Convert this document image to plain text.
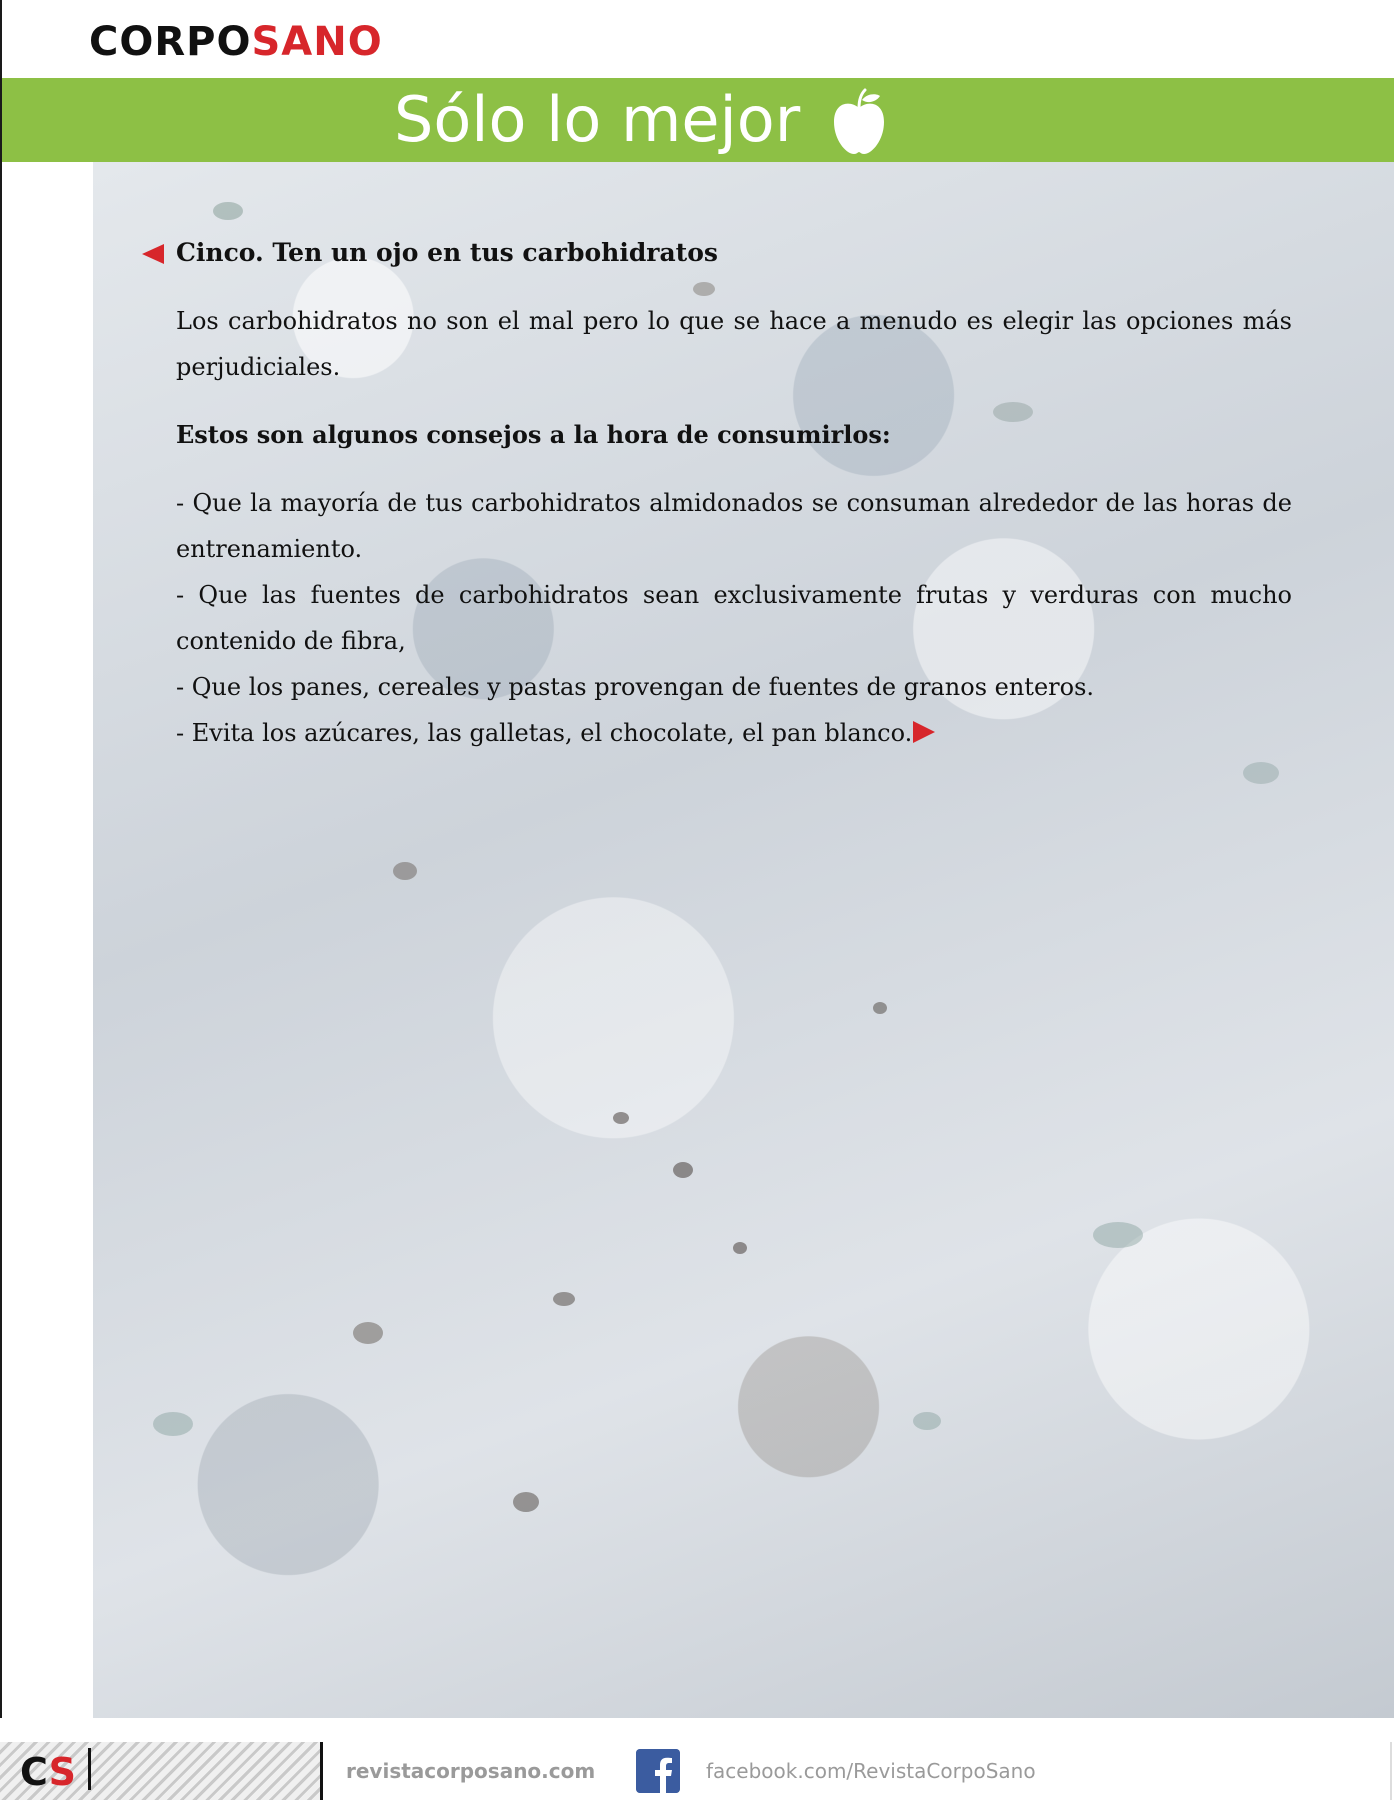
CORPOSANO
Sólo lo mejor
Cinco. Ten un ojo en tus carbohidratos

Los carbohidratos no son el mal pero lo que se hace a menudo es elegir las opciones más perjudiciales.

Estos son algunos consejos a la hora de consumirlos:

- Que la mayoría de tus carbohidratos almidonados se consuman alrededor de las horas de entrenamiento.

- Que las fuentes de carbohidratos sean exclusivamente frutas y verduras con mucho contenido de fibra,

- Que los panes, cereales y pastas provengan de fuentes de granos enteros.

- Evita los azúcares, las galletas, el chocolate, el pan blanco.

CS	revistacorposano.com	facebook.com/RevistaCorpoSano
